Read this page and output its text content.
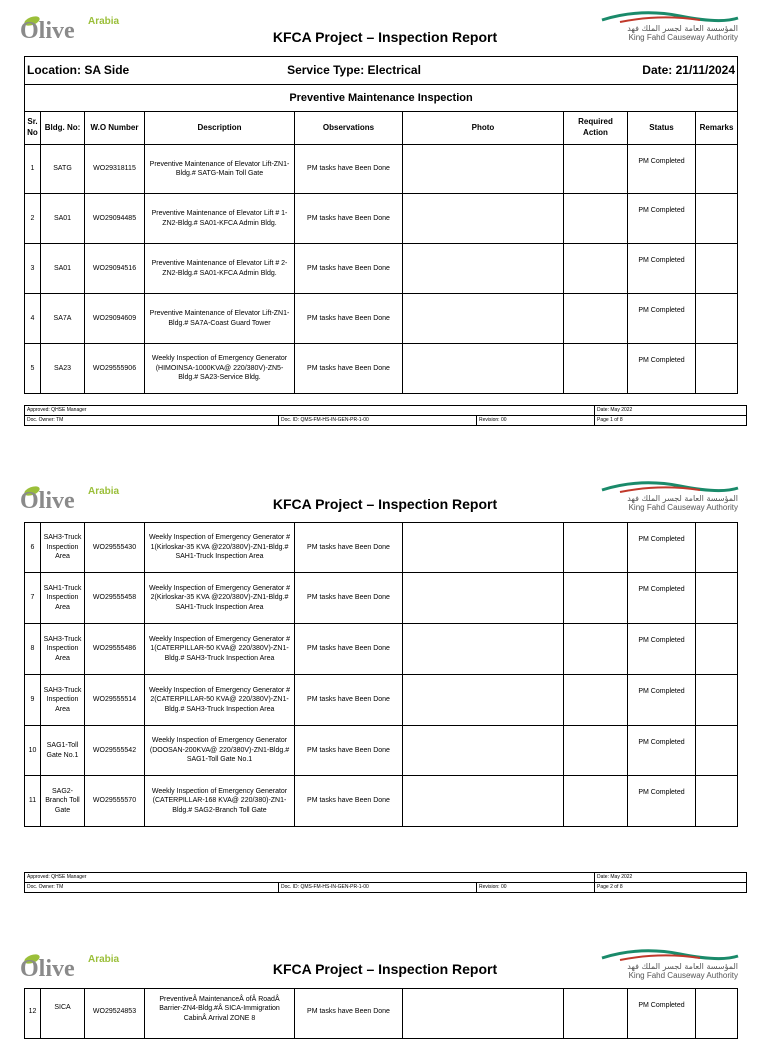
Olive Arabia
KFCA Project – Inspection Report
المؤسسة العامة لجسر الملك فهد
King Fahd Causeway Authority
Location: SA Side			Service Type: Electrical			Date: 21/11/2024		
Preventive Maintenance Inspection								
Sr. No	Bldg. No:	W.O Number	Description	Observations	Photo	Required Action	Status	Remarks
1	SATG	WO29318115	Preventive Maintenance of Elevator Lift-ZN1-Bldg.# SATG-Main Toll Gate	PM tasks have Been Done			PM Completed	
2	SA01	WO29094485	Preventive Maintenance of Elevator Lift # 1-ZN2-Bldg.# SA01-KFCA Admin Bldg.	PM tasks have Been Done			PM Completed	
3	SA01	WO29094516	Preventive Maintenance of Elevator Lift # 2-ZN2-Bldg.# SA01-KFCA Admin Bldg.	PM tasks have Been Done			PM Completed	
4	SA7A	WO29094609	Preventive Maintenance of Elevator Lift-ZN1-Bldg.# SA7A-Coast Guard Tower	PM tasks have Been Done			PM Completed	
5	SA23	WO29555906	Weekly Inspection of Emergency Generator (HIMOINSA-1000KVA@ 220/380V)-ZN5-Bldg.# SA23-Service Bldg.	PM tasks have Been Done			PM Completed	
Approved: QHSE Manager			Date: May 2022
Doc. Owner: TM	Doc. ID: QMS-FM-HS-IN-GEN-PR-1-00	Revision: 00	Page 1 of 8
Olive Arabia
KFCA Project – Inspection Report	المؤسسة العامة لجسر الملك فهد
King Fahd Causeway Authority
6	SAH3-Truck Inspection Area	WO29555430	Weekly Inspection of Emergency Generator # 1(Kirloskar-35 KVA @220/380V)-ZN1-Bldg.# SAH1-Truck Inspection Area	PM tasks have Been Done			PM Completed	
7	SAH1-Truck Inspection Area	WO29555458	Weekly Inspection of Emergency Generator # 2(Kirloskar-35 KVA @220/380V)-ZN1-Bldg.# SAH1-Truck Inspection Area	PM tasks have Been Done			PM Completed	
8	SAH3-Truck Inspection Area	WO29555486	Weekly Inspection of Emergency Generator # 1(CATERPILLAR-50 KVA@ 220/380V)-ZN1-Bldg.# SAH3-Truck Inspection Area	PM tasks have Been Done			PM Completed	
9	SAH3-Truck Inspection Area	WO29555514	Weekly Inspection of Emergency Generator # 2(CATERPILLAR-50 KVA@ 220/380V)-ZN1-Bldg.# SAH3-Truck Inspection Area	PM tasks have Been Done			PM Completed	
10	SAG1-Toll Gate No.1	WO29555542	Weekly Inspection of Emergency Generator (DOOSAN-200KVA@ 220/380V)-ZN1-Bldg.# SAG1-Toll Gate No.1	PM tasks have Been Done			PM Completed	
11	SAG2-Branch Toll Gate	WO29555570	Weekly Inspection of Emergency Generator (CATERPILLAR-168 KVA@ 220/380)-ZN1-Bldg.# SAG2-Branch Toll Gate	PM tasks have Been Done			PM Completed	
Approved: QHSE Manager			Date: May 2022
Doc. Owner: TM	Doc. ID: QMS-FM-HS-IN-GEN-PR-1-00	Revision: 00	Page 2 of 8
Olive Arabia
KFCA Project – Inspection Report	المؤسسة العامة لجسر الملك فهد
King Fahd Causeway Authority
12	SICA	WO29524853	PreventiveÂ MaintenanceÂ ofÂ RoadÂ Barrier-ZN4-Bldg.#Â SICA-Immigration CabinÂ Arrival ZONE 8	PM tasks have Been Done			PM Completed	
